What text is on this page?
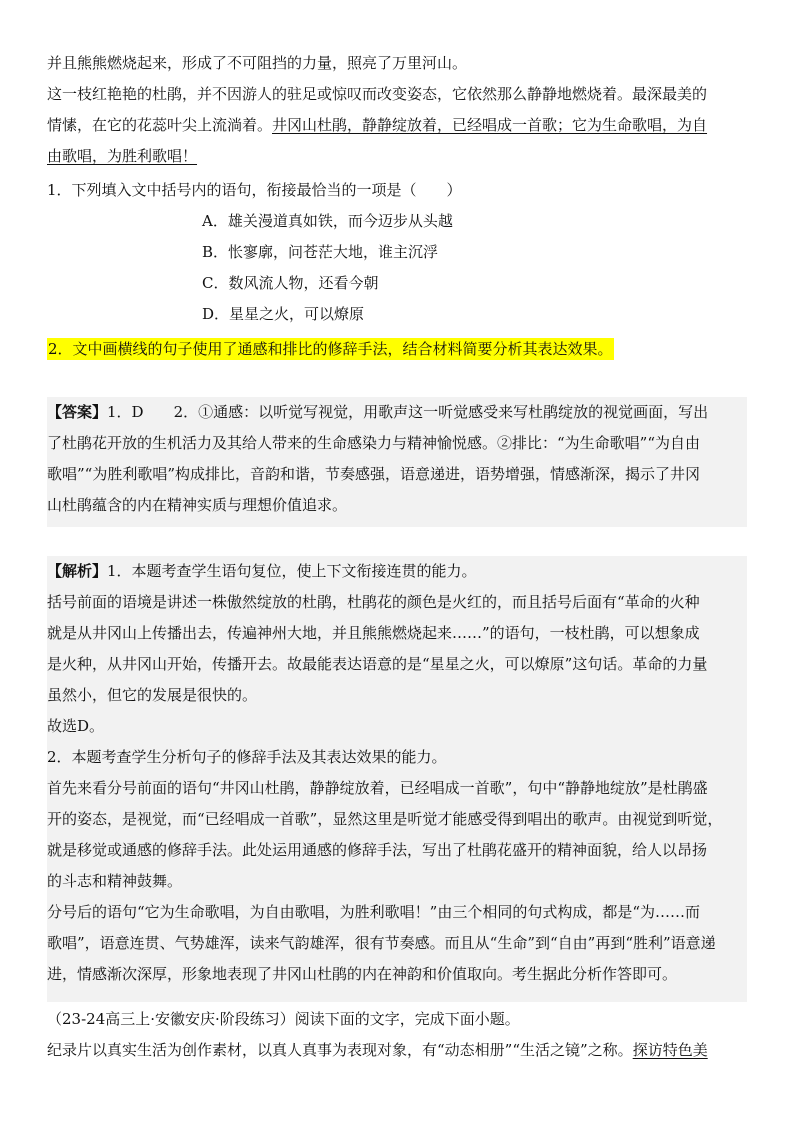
并且熊熊燃烧起来，形成了不可阻挡的力量，照亮了万里河山。
这一枝红艳艳的杜鹃，并不因游人的驻足或惊叹而改变姿态，它依然那么静静地燃烧着。最深最美的
情愫，在它的花蕊叶尖上流淌着。井冈山杜鹃，静静绽放着，已经唱成一首歌；它为生命歌唱，为自
由歌唱，为胜利歌唱！
1．下列填入文中括号内的语句，衔接最恰当的一项是（　　）
A．雄关漫道真如铁，而今迈步从头越
B．怅寥廓，问苍茫大地，谁主沉浮
C．数风流人物，还看今朝
D．星星之火，可以燎原
2．文中画横线的句子使用了通感和排比的修辞手法，结合材料简要分析其表达效果。
【答案】1．D　　2．①通感：以听觉写视觉，用歌声这一听觉感受来写杜鹃绽放的视觉画面，写出
了杜鹃花开放的生机活力及其给人带来的生命感染力与精神愉悦感。②排比：“为生命歌唱”“为自由
歌唱”“为胜利歌唱”构成排比，音韵和谐，节奏感强，语意递进，语势增强，情感渐深，揭示了井冈
山杜鹃蕴含的内在精神实质与理想价值追求。
【解析】1．本题考查学生语句复位，使上下文衔接连贯的能力。
括号前面的语境是讲述一株傲然绽放的杜鹃，杜鹃花的颜色是火红的，而且括号后面有“革命的火种
就是从井冈山上传播出去，传遍神州大地，并且熊熊燃烧起来……”的语句，一枝杜鹃，可以想象成
是火种，从井冈山开始，传播开去。故最能表达语意的是“星星之火，可以燎原”这句话。革命的力量
虽然小，但它的发展是很快的。
故选D。
2．本题考查学生分析句子的修辞手法及其表达效果的能力。
首先来看分号前面的语句“井冈山杜鹃，静静绽放着，已经唱成一首歌”，句中“静静地绽放”是杜鹃盛
开的姿态，是视觉，而“已经唱成一首歌”，显然这里是听觉才能感受得到唱出的歌声。由视觉到听觉，
就是移觉或通感的修辞手法。此处运用通感的修辞手法，写出了杜鹃花盛开的精神面貌，给人以昂扬
的斗志和精神鼓舞。
分号后的语句“它为生命歌唱，为自由歌唱，为胜利歌唱！”由三个相同的句式构成，都是“为……而
歌唱”，语意连贯、气势雄浑，读来气韵雄浑，很有节奏感。而且从“生命”到“自由”再到“胜利”语意递
进，情感渐次深厚，形象地表现了井冈山杜鹃的内在神韵和价值取向。考生据此分析作答即可。
（23-24高三上·安徽安庆·阶段练习）阅读下面的文字，完成下面小题。
纪录片以真实生活为创作素材，以真人真事为表现对象，有“动态相册”“生活之镜”之称。探访特色美
